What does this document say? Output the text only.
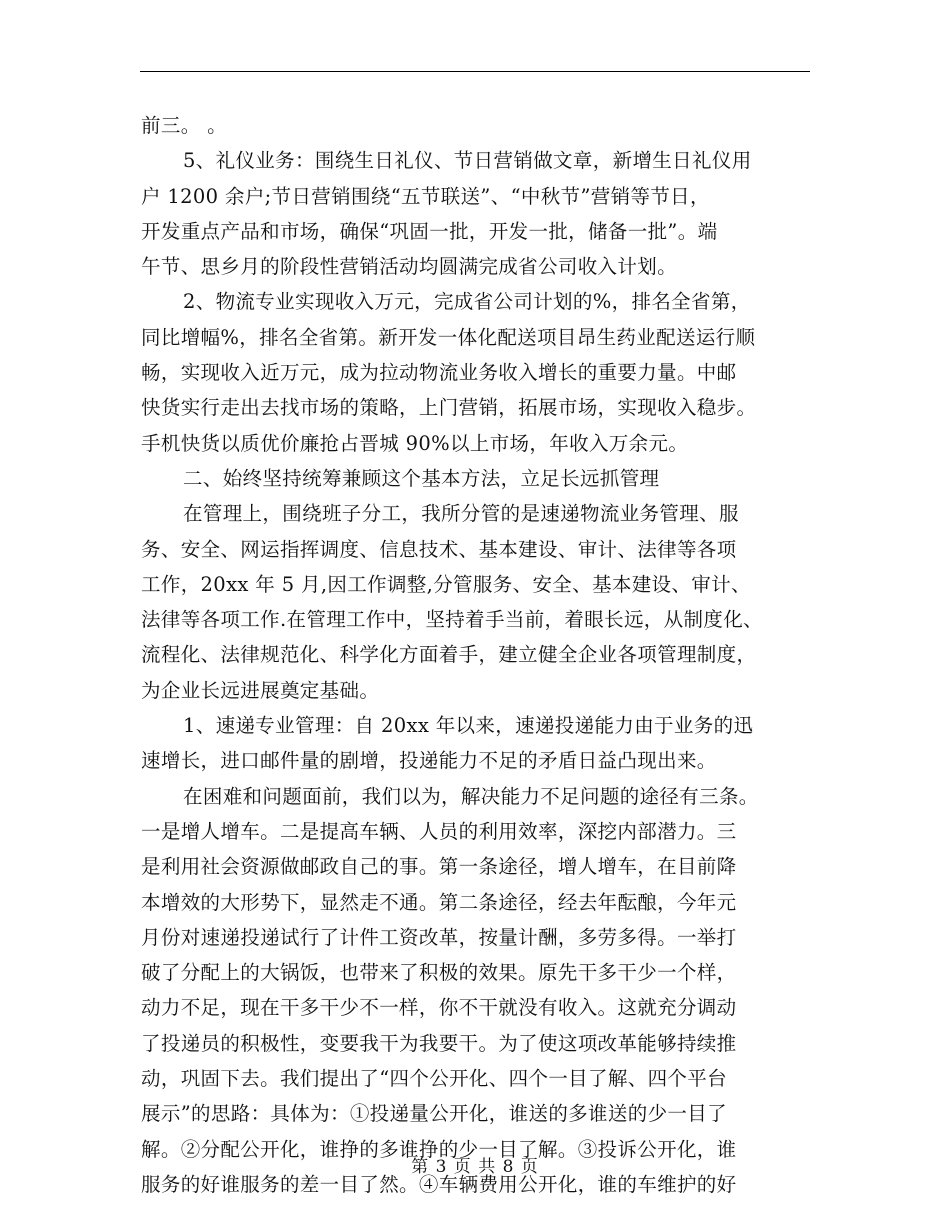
前三。 。
5、礼仪业务：围绕生日礼仪、节日营销做文章，新增生日礼仪用
户 1200 余户;节日营销围绕“五节联送”、“中秋节”营销等节日，
开发重点产品和市场，确保“巩固一批，开发一批，储备一批”。端
午节、思乡月的阶段性营销活动均圆满完成省公司收入计划。
2、物流专业实现收入万元，完成省公司计划的%，排名全省第，
同比增幅%，排名全省第。新开发一体化配送项目昂生药业配送运行顺
畅，实现收入近万元，成为拉动物流业务收入增长的重要力量。中邮
快货实行走出去找市场的策略，上门营销，拓展市场，实现收入稳步。
手机快货以质优价廉抢占晋城 90%以上市场，年收入万余元。
二、始终坚持统筹兼顾这个基本方法，立足长远抓管理
在管理上，围绕班子分工，我所分管的是速递物流业务管理、服
务、安全、网运指挥调度、信息技术、基本建设、审计、法律等各项
工作，20xx 年 5 月,因工作调整,分管服务、安全、基本建设、审计、
法律等各项工作.在管理工作中，坚持着手当前，着眼长远，从制度化、
流程化、法律规范化、科学化方面着手，建立健全企业各项管理制度，
为企业长远进展奠定基础。
1、速递专业管理：自 20xx 年以来，速递投递能力由于业务的迅
速增长，进口邮件量的剧增，投递能力不足的矛盾日益凸现出来。
在困难和问题面前，我们以为，解决能力不足问题的途径有三条。
一是增人增车。二是提高车辆、人员的利用效率，深挖内部潜力。三
是利用社会资源做邮政自己的事。第一条途径，增人增车，在目前降
本增效的大形势下，显然走不通。第二条途径，经去年酝酿，今年元
月份对速递投递试行了计件工资改革，按量计酬，多劳多得。一举打
破了分配上的大锅饭，也带来了积极的效果。原先干多干少一个样，
动力不足，现在干多干少不一样，你不干就没有收入。这就充分调动
了投递员的积极性，变要我干为我要干。为了使这项改革能够持续推
动，巩固下去。我们提出了“四个公开化、四个一目了解、四个平台
展示”的思路：具体为：①投递量公开化，谁送的多谁送的少一目了
解。②分配公开化，谁挣的多谁挣的少一目了解。③投诉公开化，谁
服务的好谁服务的差一目了然。④车辆费用公开化，谁的车维护的好
第 3 页 共 8 页
